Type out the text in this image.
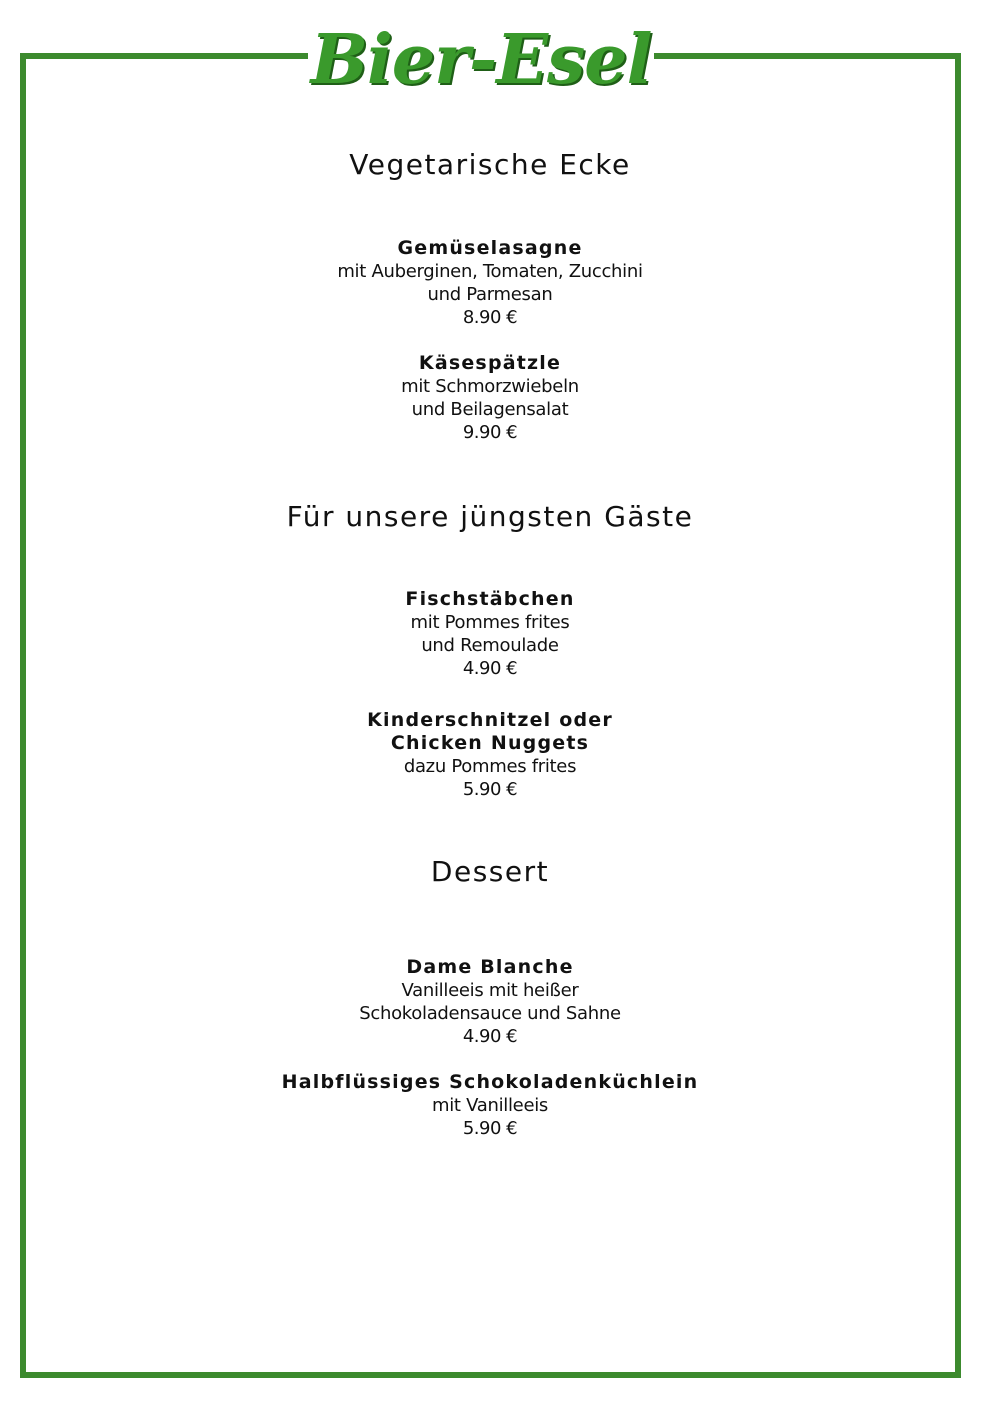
Bier-Esel
Vegetarische Ecke
Gemüselasagne
mit Auberginen, Tomaten, Zucchini
und Parmesan
8.90 €
Käsespätzle
mit Schmorzwiebeln
und Beilagensalat
9.90 €
Für unsere jüngsten Gäste
Fischstäbchen
mit Pommes frites
und Remoulade
4.90 €
Kinderschnitzel oder
Chicken Nuggets
dazu Pommes frites
5.90 €
Dessert
Dame Blanche
Vanilleeis mit heißer
Schokoladensauce und Sahne
4.90 €
Halbflüssiges Schokoladenküchlein
mit Vanilleeis
5.90 €
